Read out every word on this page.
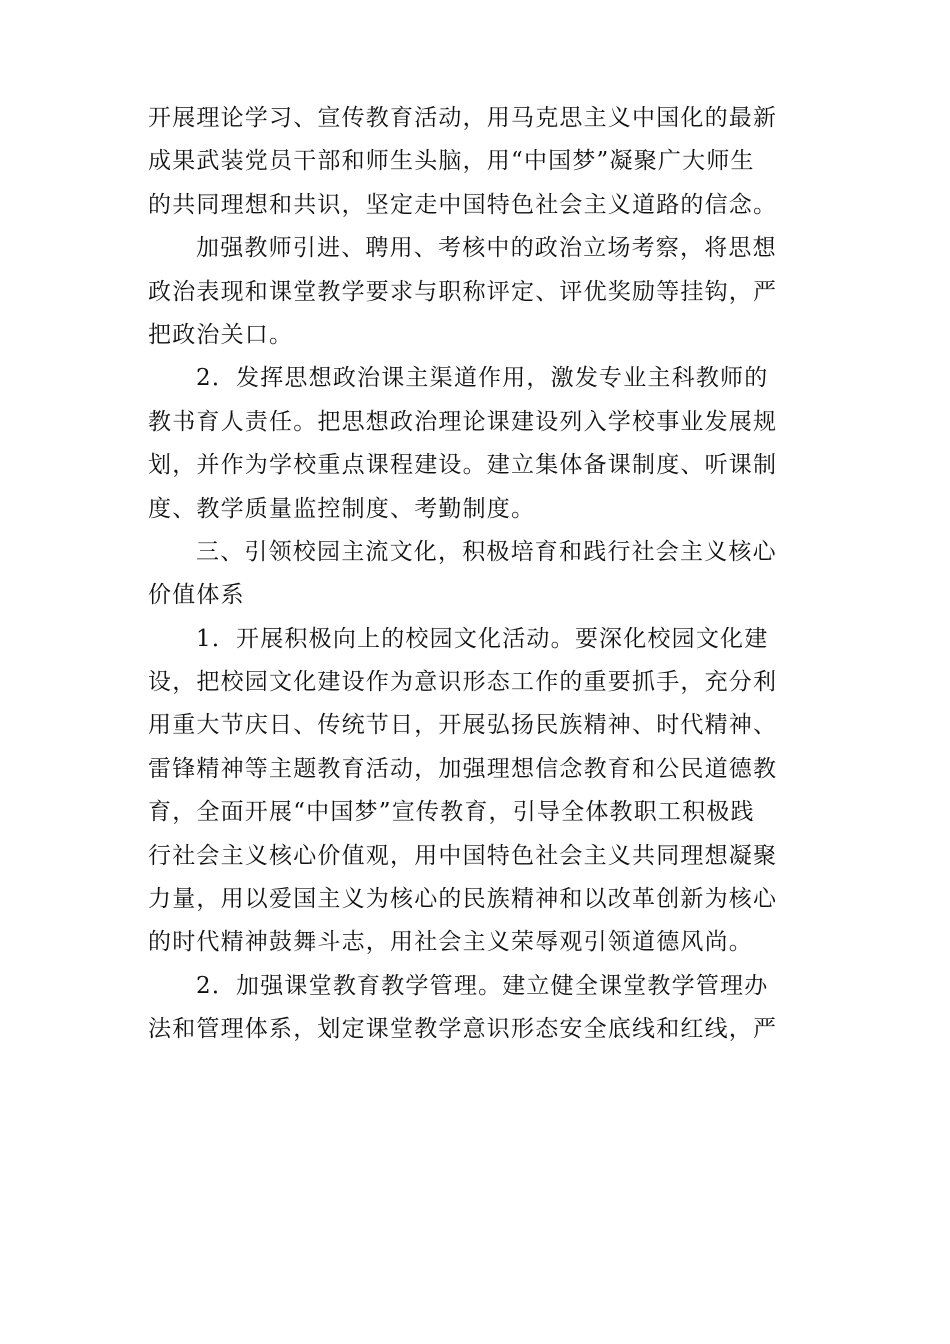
开展理论学习、宣传教育活动，用马克思主义中国化的最新
成果武装党员干部和师生头脑，用“中国梦”凝聚广大师生
的共同理想和共识，坚定走中国特色社会主义道路的信念。
加强教师引进、聘用、考核中的政治立场考察，将思想
政治表现和课堂教学要求与职称评定、评优奖励等挂钩，严
把政治关口。
2．发挥思想政治课主渠道作用，激发专业主科教师的
教书育人责任。把思想政治理论课建设列入学校事业发展规
划，并作为学校重点课程建设。建立集体备课制度、听课制
度、教学质量监控制度、考勤制度。
三、引领校园主流文化，积极培育和践行社会主义核心
价值体系
1．开展积极向上的校园文化活动。要深化校园文化建
设，把校园文化建设作为意识形态工作的重要抓手，充分利
用重大节庆日、传统节日，开展弘扬民族精神、时代精神、
雷锋精神等主题教育活动，加强理想信念教育和公民道德教
育，全面开展“中国梦”宣传教育，引导全体教职工积极践
行社会主义核心价值观，用中国特色社会主义共同理想凝聚
力量，用以爱国主义为核心的民族精神和以改革创新为核心
的时代精神鼓舞斗志，用社会主义荣辱观引领道德风尚。
2．加强课堂教育教学管理。建立健全课堂教学管理办
法和管理体系，划定课堂教学意识形态安全底线和红线，严
